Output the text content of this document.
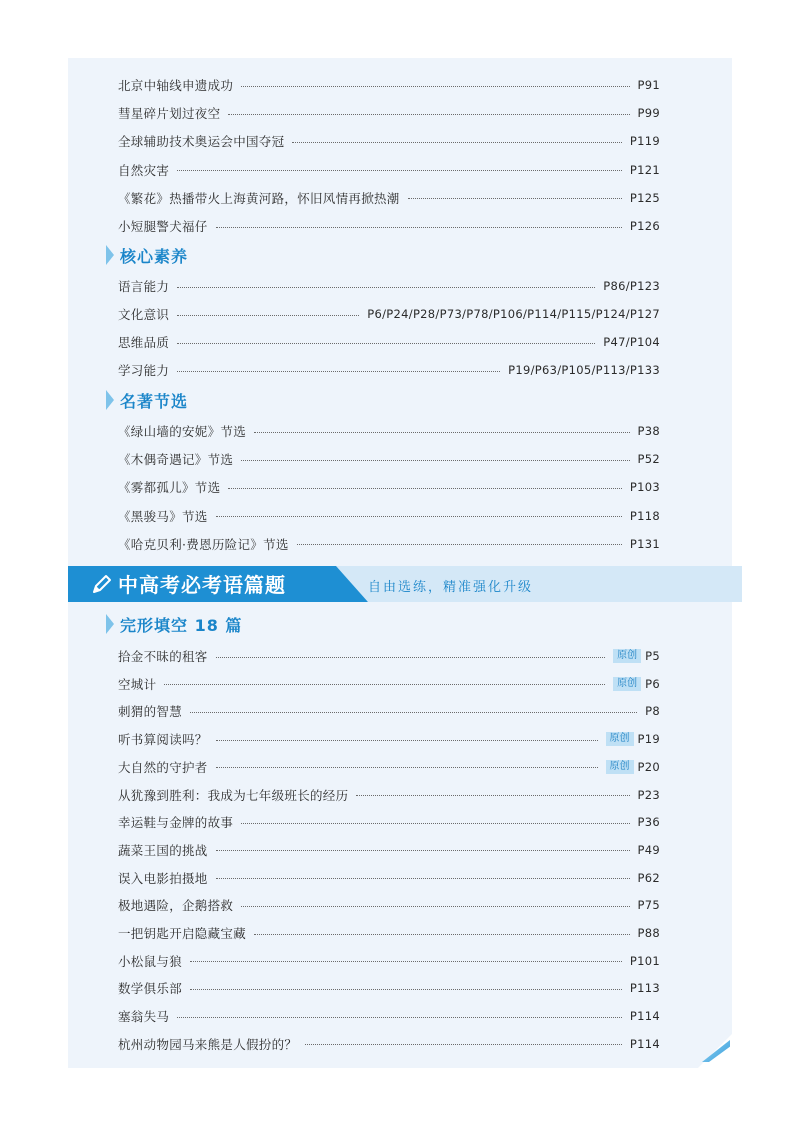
北京中轴线申遗成功	P91
彗星碎片划过夜空	P99
全球辅助技术奥运会中国夺冠	P119
自然灾害	P121
《繁花》热播带火上海黄河路，怀旧风情再掀热潮	P125
小短腿警犬福仔	P126
核心素养
语言能力	P86/P123
文化意识	P6/P24/P28/P73/P78/P106/P114/P115/P124/P127
思维品质	P47/P104
学习能力	P19/P63/P105/P113/P133
名著节选
《绿山墙的安妮》节选	P38
《木偶奇遇记》节选	P52
《雾都孤儿》节选	P103
《黑骏马》节选	P118
《哈克贝利·费恩历险记》节选	P131
完形填空 18 篇
拾金不昧的租客	原创 P5
空城计	原创 P6
刺猬的智慧	P8
听书算阅读吗？	原创 P19
大自然的守护者	原创 P20
从犹豫到胜利：我成为七年级班长的经历	P23
幸运鞋与金牌的故事	P36
蔬菜王国的挑战	P49
误入电影拍摄地	P62
极地遇险，企鹅搭救	P75
一把钥匙开启隐藏宝藏	P88
小松鼠与狼	P101
数学俱乐部	P113
塞翁失马	P114
杭州动物园马来熊是人假扮的？	P114
中高考必考语篇题	自由选练，精准强化升级
